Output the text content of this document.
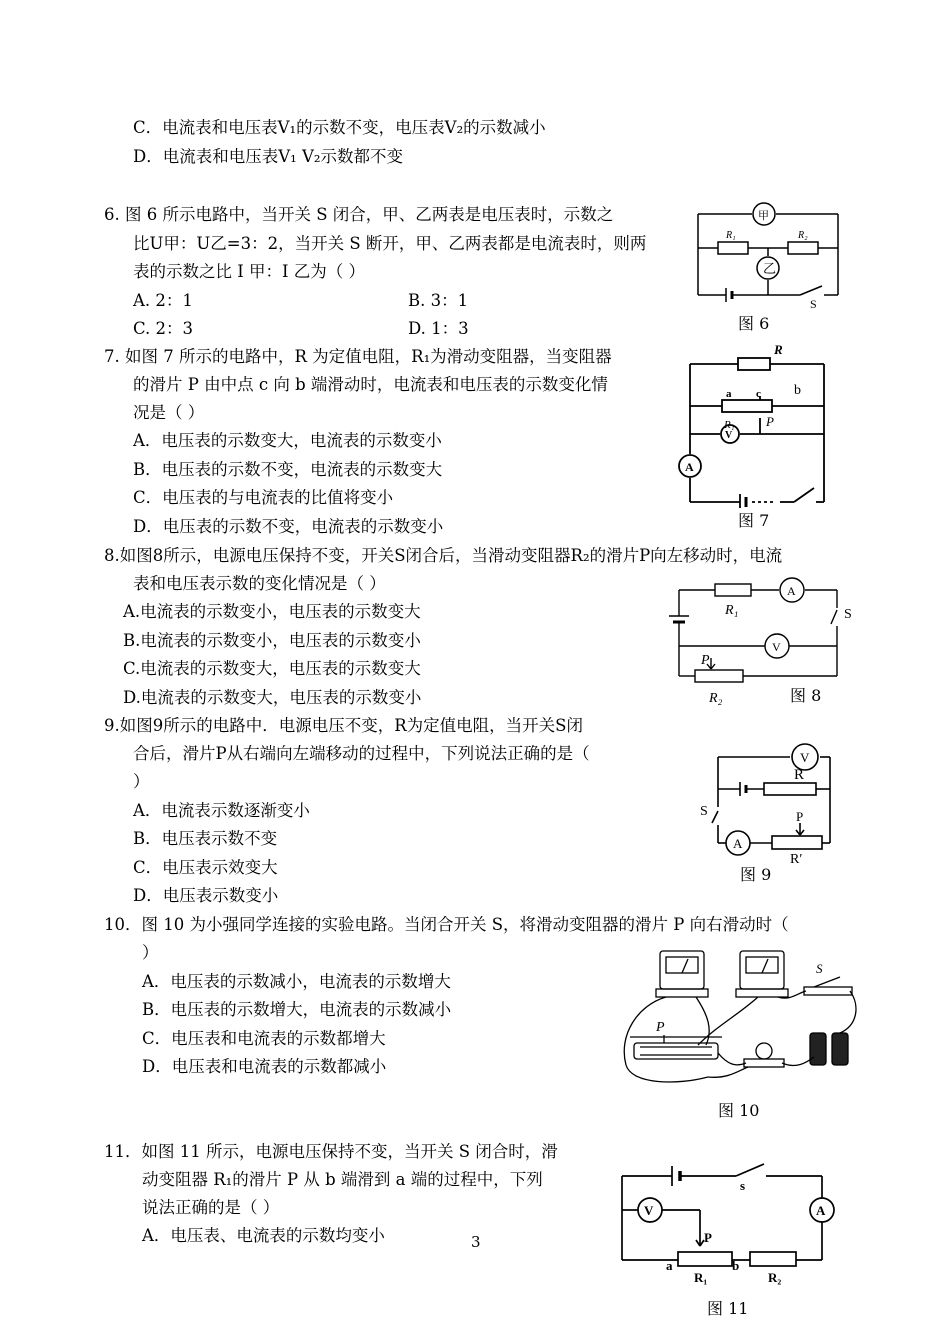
C．电流表和电压表V₁的示数不变，电压表V₂的示数减小
D．电流表和电压表V₁ V₂示数都不变
6. 图 6 所示电路中，当开关 S 闭合，甲、乙两表是电压表时，示数之
比U甲：U乙=3：2，当开关 S 断开，甲、乙两表都是电流表时，则两
表的示数之比 I 甲：I 乙为（ ）
A. 2：1	B. 3：1
C. 2：3	D. 1：3
甲
乙
R₁	R₂
S
图 6
7. 如图 7 所示的电路中，R 为定值电阻，R₁为滑动变阻器，当变阻器
的滑片 P 由中点 c 向 b 端滑动时，电流表和电压表的示数变化情
况是（ ）
A．电压表的示数变大，电流表的示数变小
B．电压表的示数不变，电流表的示数变大
C．电压表的与电流表的比值将变小
D．电压表的示数不变，电流表的示数变小
R
a c b
R₁ P
V
A
图 7
8.如图8所示，电源电压保持不变，开关S闭合后，当滑动变阻器R₂的滑片P向左移动时，电流
表和电压表示数的变化情况是（ ）
A.电流表的示数变小，电压表的示数变大
B.电流表的示数变小，电压表的示数变小
C.电流表的示数变大，电压表的示数变大
D.电流表的示数变大，电压表的示数变小
R₁
A
S
V
P
R₂	图 8
9.如图9所示的电路中．电源电压不变，R为定值电阻，当开关S闭
合后，滑片P从右端向左端移动的过程中，下列说法正确的是（
）
A．电流表示数逐渐变小
B．电压表示数不变
C．电压表示效变大
D．电压表示数变小
V
R
S	P
A
R′
图 9
10．图 10 为小强同学连接的实验电路。当闭合开关 S，将滑动变阻器的滑片 P 向右滑动时（
）
A．电压表的示数减小，电流表的示数增大
B．电压表的示数增大，电流表的示数减小
C．电压表和电流表的示数都增大
D．电压表和电流表的示数都减小
S
P
图 10
11．如图 11 所示，电源电压保持不变，当开关 S 闭合时，滑
动变阻器 R₁的滑片 P 从 b 端滑到 a 端的过程中，下列
说法正确的是（ ）
A．电压表、电流表的示数均变小
s
V	A
P
a	b
R₁	R₂
图 11
3
